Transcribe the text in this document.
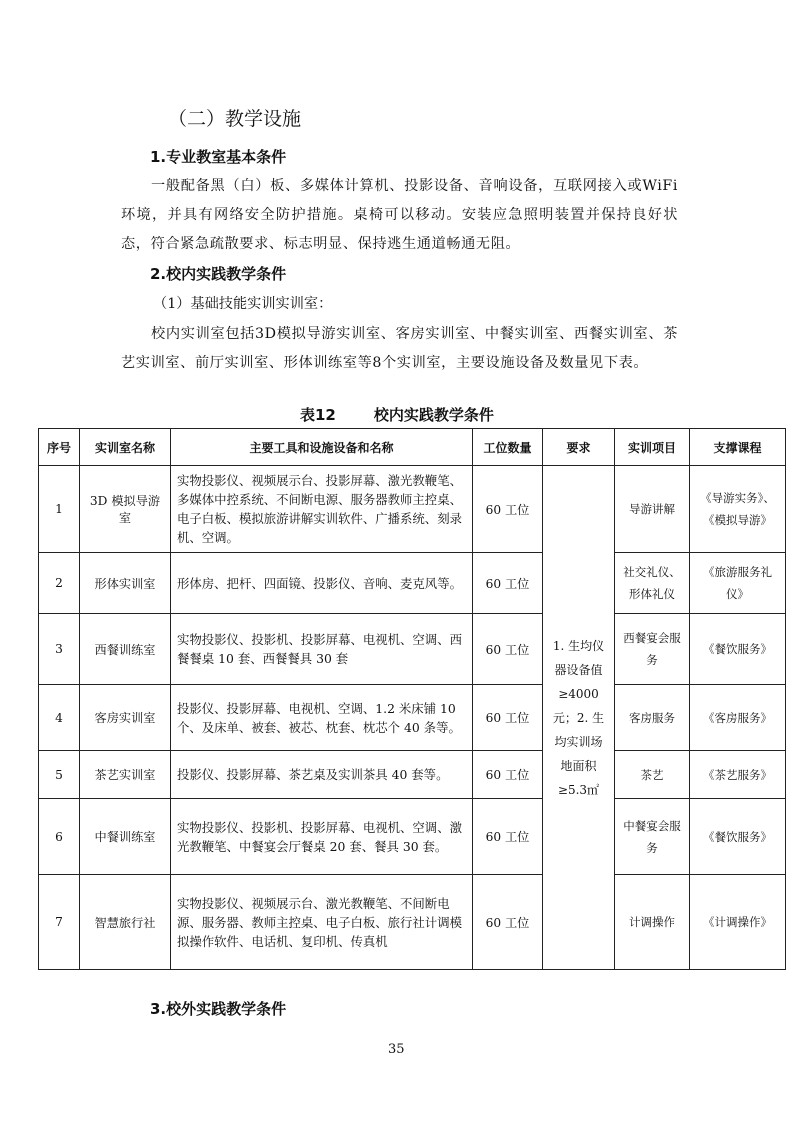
（二）教学设施
1.专业教室基本条件
一般配备黑（白）板、多媒体计算机、投影设备、音响设备，互联网接入或WiFi环境，并具有网络安全防护措施。桌椅可以移动。安装应急照明装置并保持良好状态，符合紧急疏散要求、标志明显、保持逃生通道畅通无阻。
2.校内实践教学条件
（1）基础技能实训实训室：
校内实训室包括3D模拟导游实训室、客房实训室、中餐实训室、西餐实训室、茶艺实训室、前厅实训室、形体训练室等8个实训室，主要设施设备及数量见下表。
表12	校内实践教学条件
序号	实训室名称	主要工具和设施设备和名称	工位数量	要求	实训项目	支撑课程
1	3D 模拟导游室	实物投影仪、视频展示台、投影屏幕、激光教鞭笔、多媒体中控系统、不间断电源、服务器教师主控桌、电子白板、模拟旅游讲解实训软件、广播系统、刻录机、空调。	60 工位	1. 生均仪器设备值≥4000元；2. 生均实训场地面积≥5.3㎡	导游讲解	《导游实务》、《模拟导游》
2	形体实训室	形体房、把杆、四面镜、投影仪、音响、麦克风等。	60 工位		社交礼仪、形体礼仪	《旅游服务礼仪》
3	西餐训练室	实物投影仪、投影机、投影屏幕、电视机、空调、西餐餐桌 10 套、西餐餐具 30 套	60 工位		西餐宴会服务	《餐饮服务》
4	客房实训室	投影仪、投影屏幕、电视机、空调、1.2 米床铺 10 个、及床单、被套、被芯、枕套、枕芯个 40 条等。	60 工位		客房服务	《客房服务》
5	茶艺实训室	投影仪、投影屏幕、茶艺桌及实训茶具 40 套等。	60 工位		茶艺	《茶艺服务》
6	中餐训练室	实物投影仪、投影机、投影屏幕、电视机、空调、激光教鞭笔、中餐宴会厅餐桌 20 套、餐具 30 套。	60 工位		中餐宴会服务	《餐饮服务》
7	智慧旅行社	实物投影仪、视频展示台、激光教鞭笔、不间断电源、服务器、教师主控桌、电子白板、旅行社计调模拟操作软件、电话机、复印机、传真机	60 工位		计调操作	《计调操作》
3.校外实践教学条件
35
